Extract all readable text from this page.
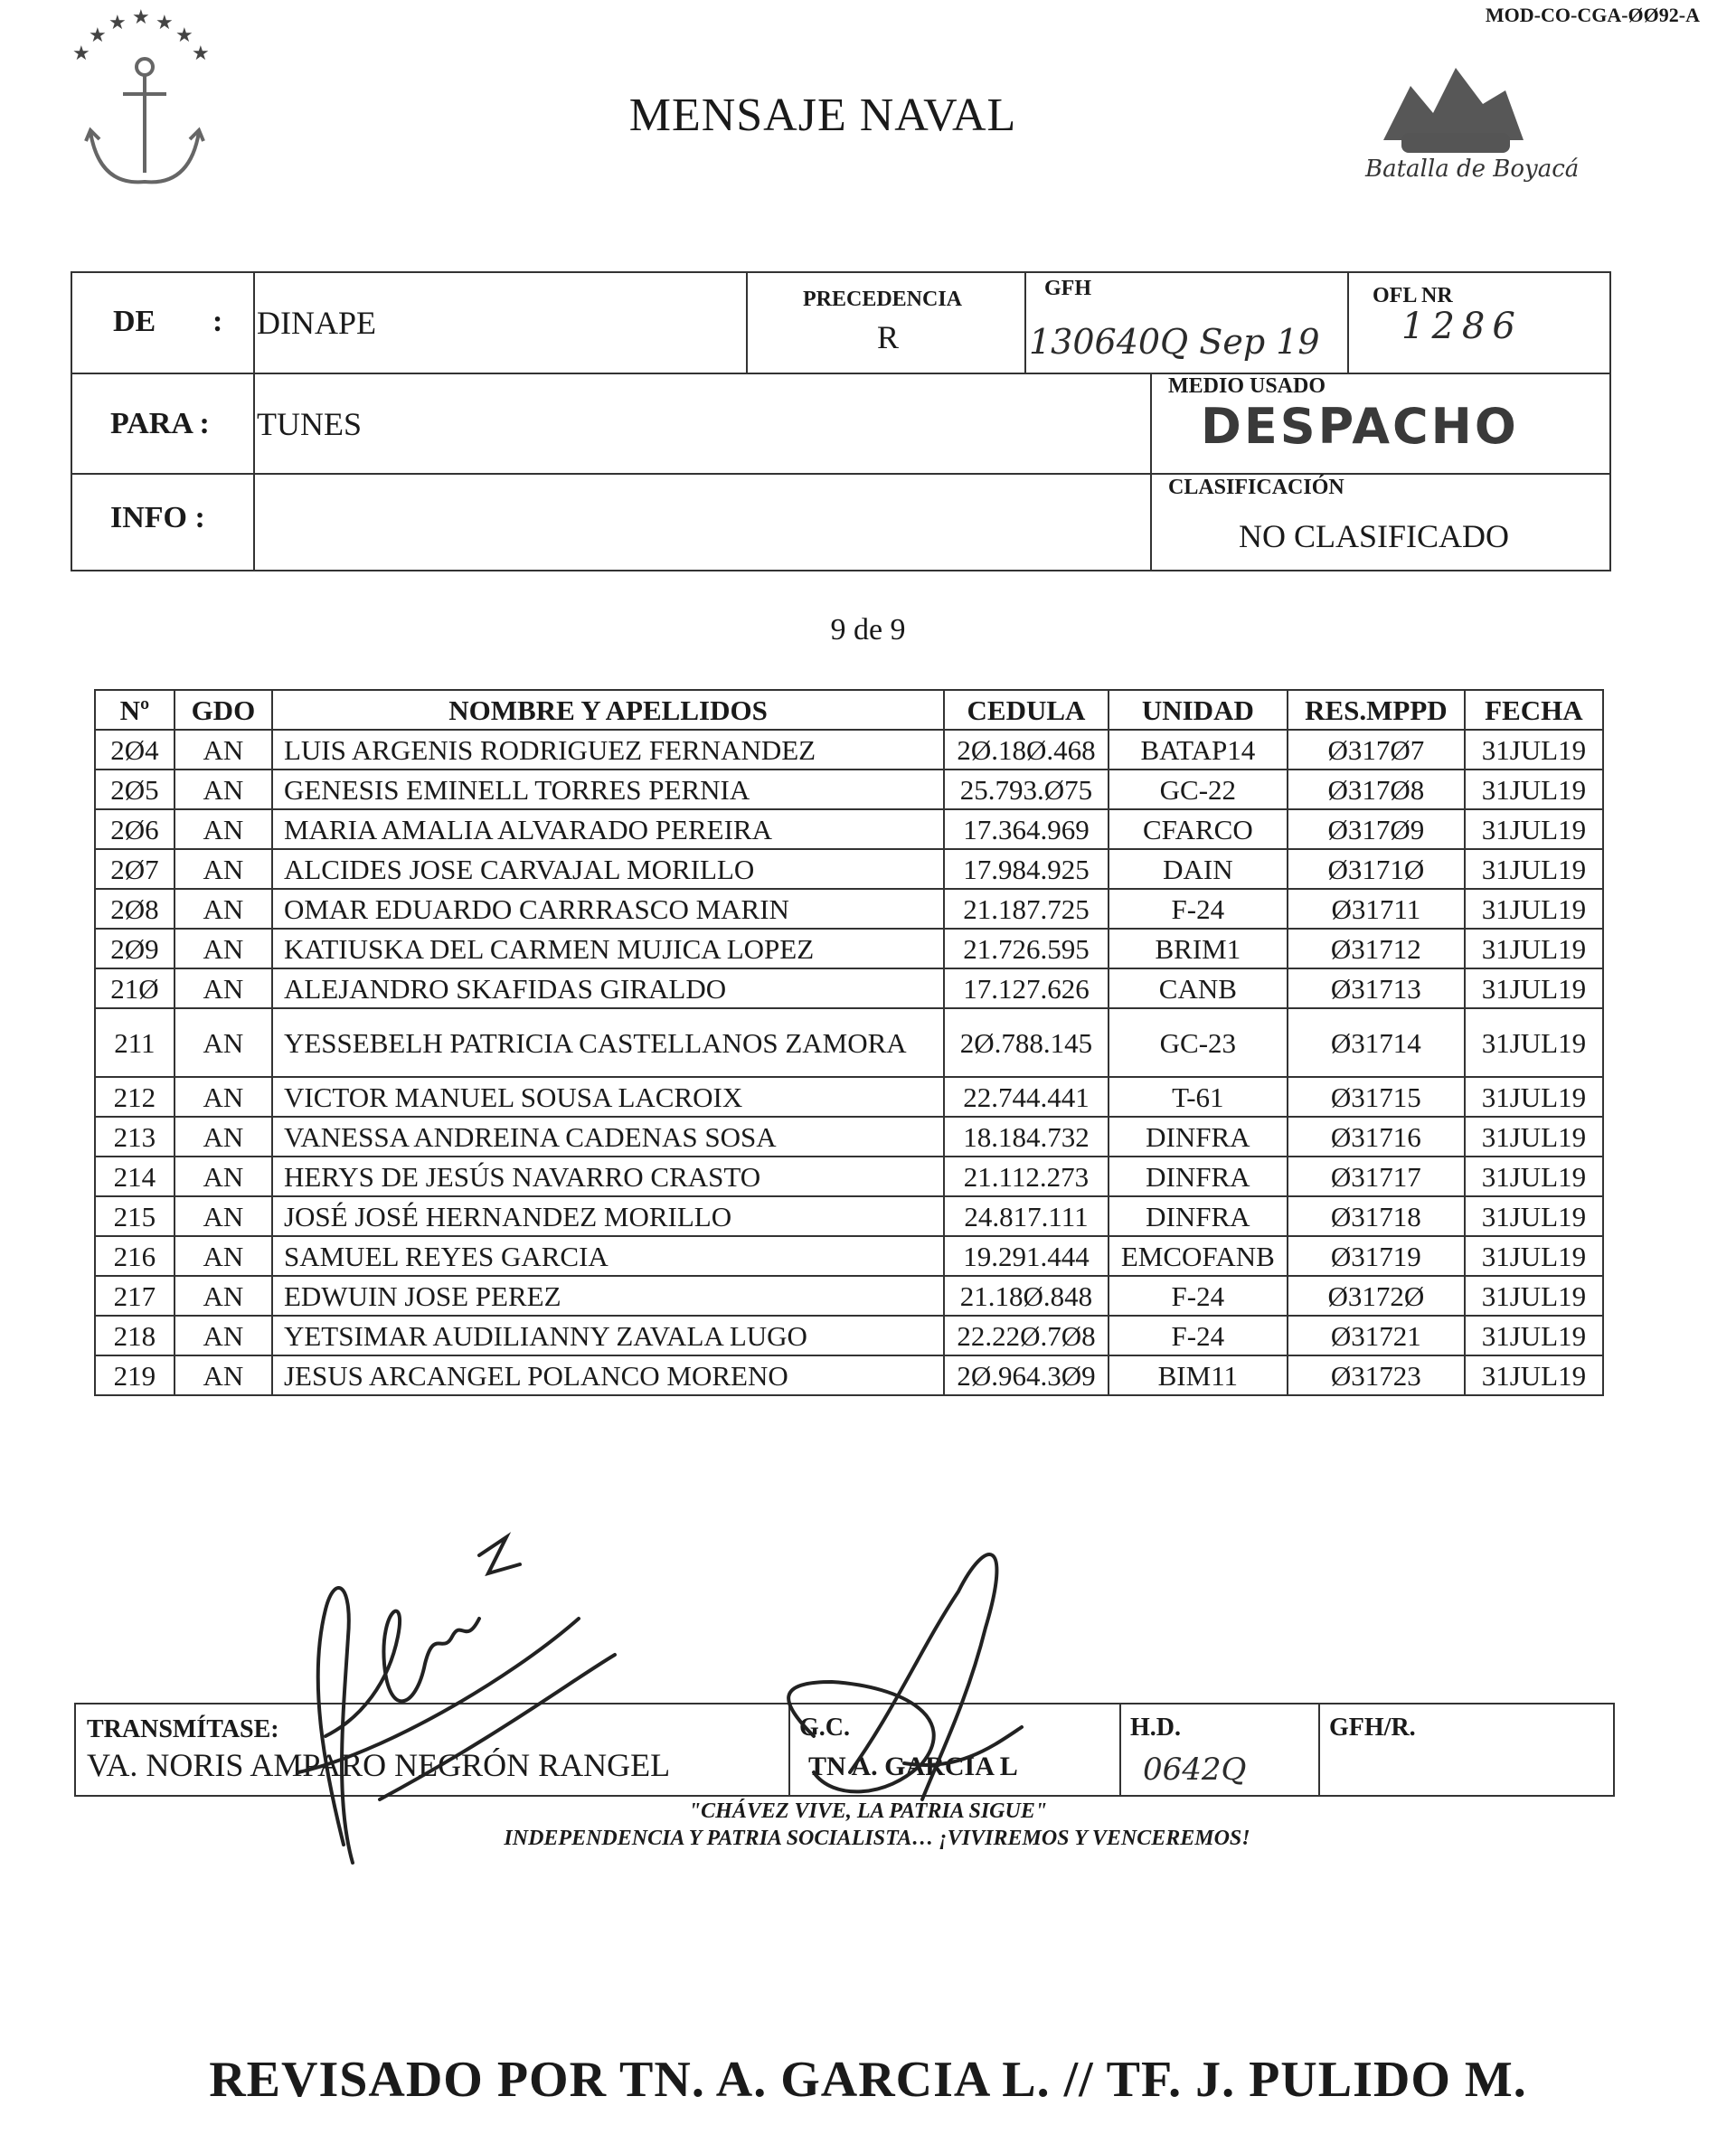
MOD-CO-CGA-ØØ92-A
★
★
★ ★ ★
★
★
MENSAJE NAVAL
Batalla de Boyacá
DE : DINAPE
PRECEDENCIA
R
GFH
130640Q Sep 19
OFL NR
1286
PARA : TUNES
MEDIO USADO
DESPACHO
INFO :
CLASIFICACIÓN
NO CLASIFICADO
9 de 9
Nº	GDO	NOMBRE Y APELLIDOS	CEDULA	UNIDAD	RES.MPPD	FECHA
2Ø4	AN	LUIS ARGENIS RODRIGUEZ FERNANDEZ	2Ø.18Ø.468	BATAP14	Ø317Ø7	31JUL19
2Ø5	AN	GENESIS EMINELL TORRES PERNIA	25.793.Ø75	GC-22	Ø317Ø8	31JUL19
2Ø6	AN	MARIA AMALIA ALVARADO PEREIRA	17.364.969	CFARCO	Ø317Ø9	31JUL19
2Ø7	AN	ALCIDES JOSE CARVAJAL MORILLO	17.984.925	DAIN	Ø3171Ø	31JUL19
2Ø8	AN	OMAR EDUARDO CARRRASCO MARIN	21.187.725	F-24	Ø31711	31JUL19
2Ø9	AN	KATIUSKA DEL CARMEN MUJICA LOPEZ	21.726.595	BRIM1	Ø31712	31JUL19
21Ø	AN	ALEJANDRO SKAFIDAS GIRALDO	17.127.626	CANB	Ø31713	31JUL19
211	AN	YESSEBELH PATRICIA CASTELLANOS ZAMORA	2Ø.788.145	GC-23	Ø31714	31JUL19
212	AN	VICTOR MANUEL SOUSA LACROIX	22.744.441	T-61	Ø31715	31JUL19
213	AN	VANESSA ANDREINA CADENAS SOSA	18.184.732	DINFRA	Ø31716	31JUL19
214	AN	HERYS DE JESÚS NAVARRO CRASTO	21.112.273	DINFRA	Ø31717	31JUL19
215	AN	JOSÉ JOSÉ HERNANDEZ MORILLO	24.817.111	DINFRA	Ø31718	31JUL19
216	AN	SAMUEL REYES GARCIA	19.291.444	EMCOFANB	Ø31719	31JUL19
217	AN	EDWUIN JOSE PEREZ	21.18Ø.848	F-24	Ø3172Ø	31JUL19
218	AN	YETSIMAR AUDILIANNY ZAVALA LUGO	22.22Ø.7Ø8	F-24	Ø31721	31JUL19
219	AN	JESUS ARCANGEL POLANCO MORENO	2Ø.964.3Ø9	BIM11	Ø31723	31JUL19
TRANSMÍTASE:
VA. NORIS AMPARO NEGRÓN RANGEL
G.C.
TN A. GARCIA L
H.D.
0642Q
GFH/R.
"CHÁVEZ VIVE, LA PATRIA SIGUE"
INDEPENDENCIA Y PATRIA SOCIALISTA… ¡VIVIREMOS Y VENCEREMOS!
REVISADO POR TN. A. GARCIA L. // TF. J. PULIDO M.
